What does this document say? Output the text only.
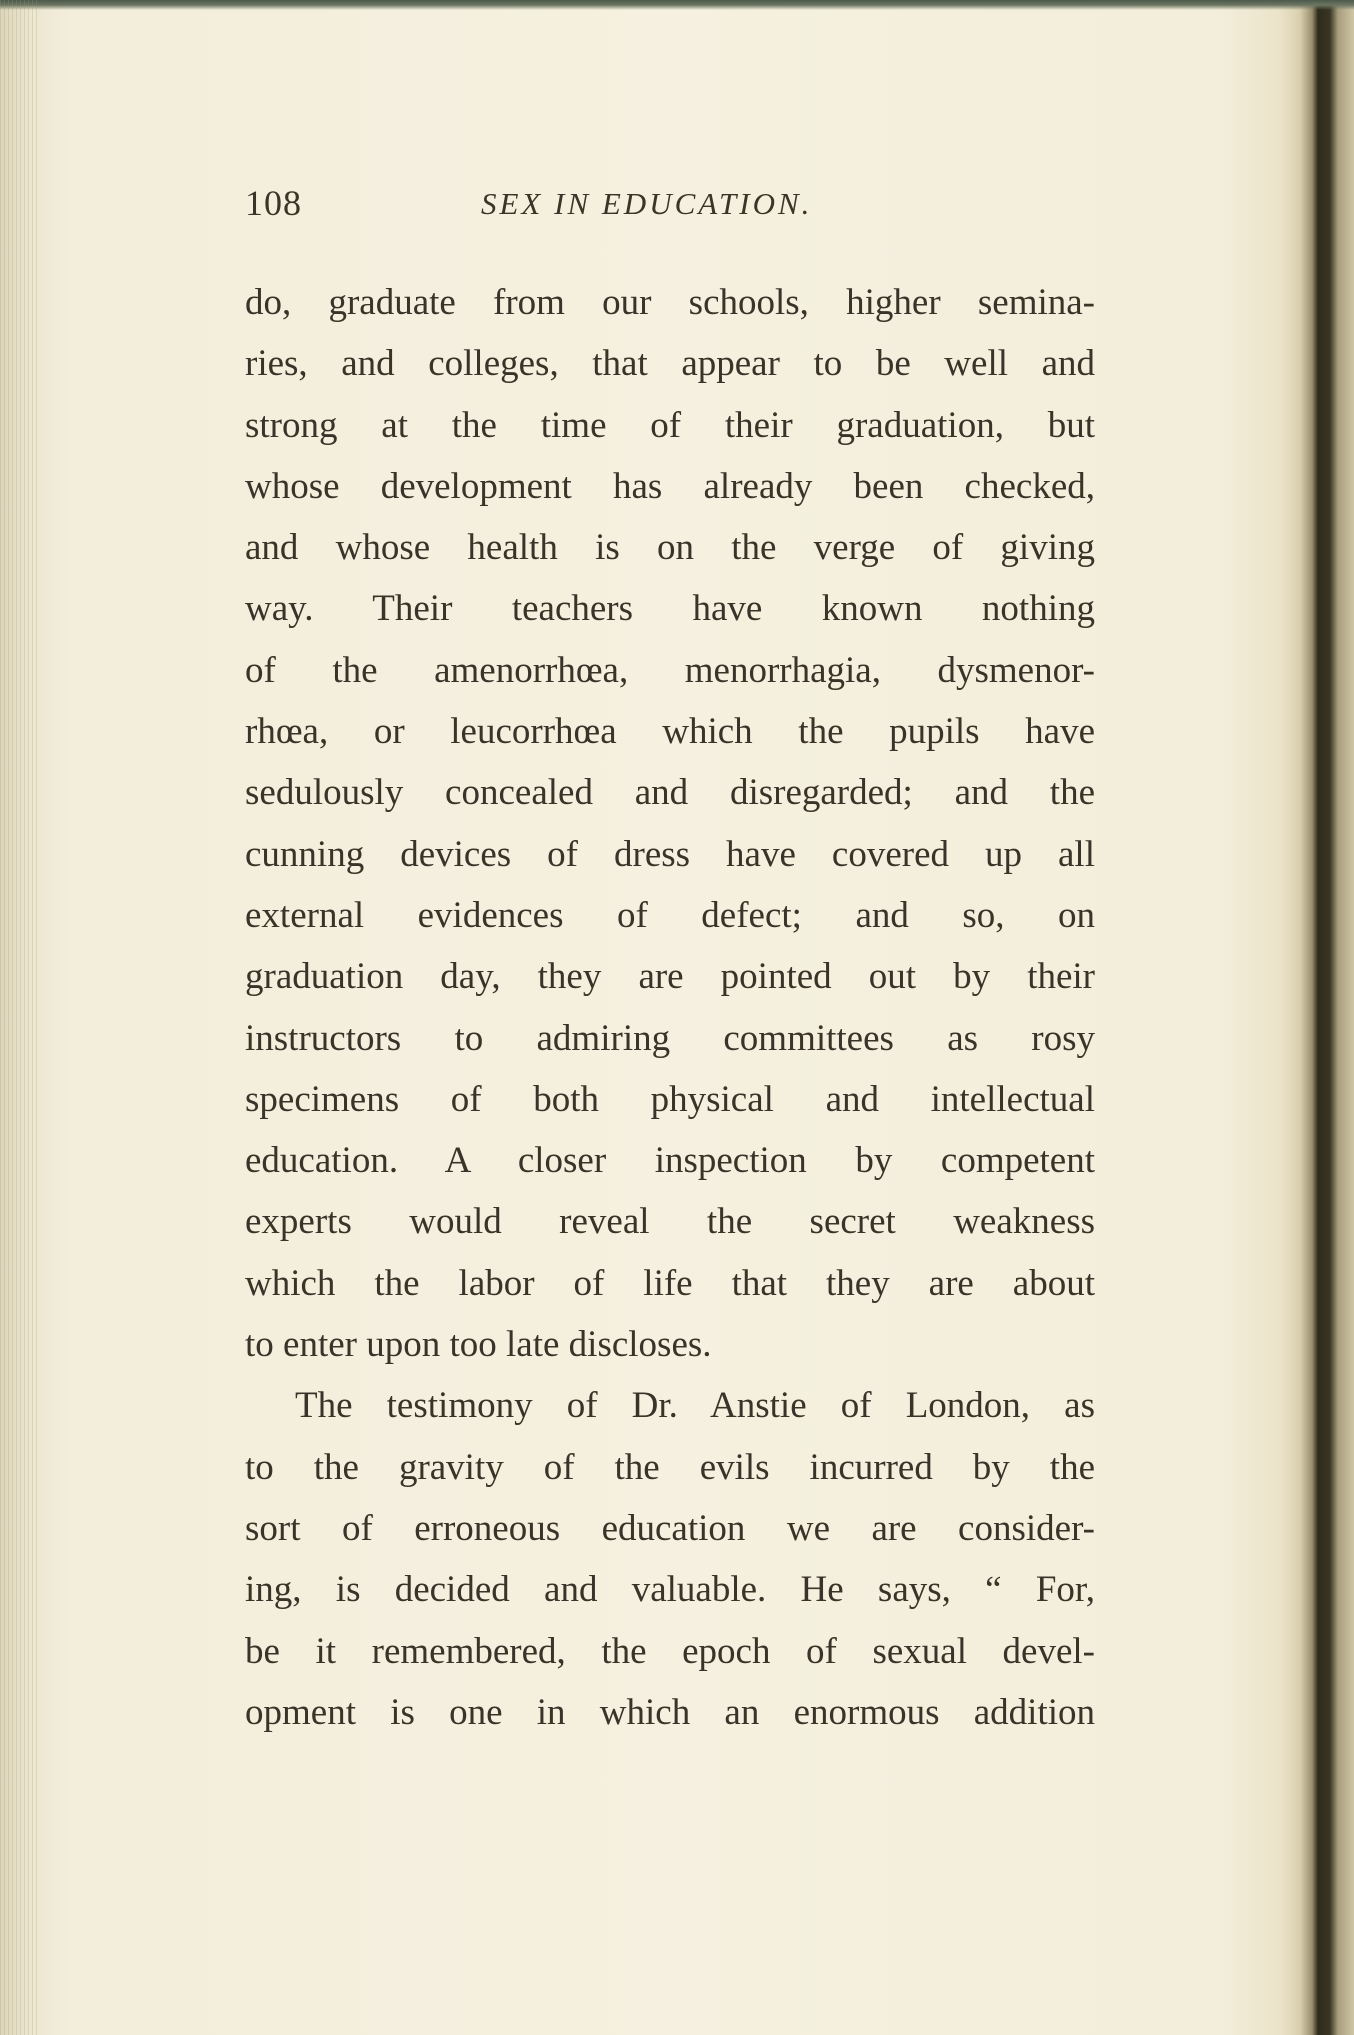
108	SEX IN EDUCATION.
do, graduate from our schools, higher semina-
ries, and colleges, that appear to be well and
strong at the time of their graduation, but
whose development has already been checked,
and whose health is on the verge of giving
way. Their teachers have known nothing
of the amenorrhœa, menorrhagia, dysmenor-
rhœa, or leucorrhœa which the pupils have
sedulously concealed and disregarded; and the
cunning devices of dress have covered up all
external evidences of defect; and so, on
graduation day, they are pointed out by their
instructors to admiring committees as rosy
specimens of both physical and intellectual
education. A closer inspection by competent
experts would reveal the secret weakness
which the labor of life that they are about
to enter upon too late discloses.
The testimony of Dr. Anstie of London, as
to the gravity of the evils incurred by the
sort of erroneous education we are consider-
ing, is decided and valuable. He says, “ For,
be it remembered, the epoch of sexual devel-
opment is one in which an enormous addition
